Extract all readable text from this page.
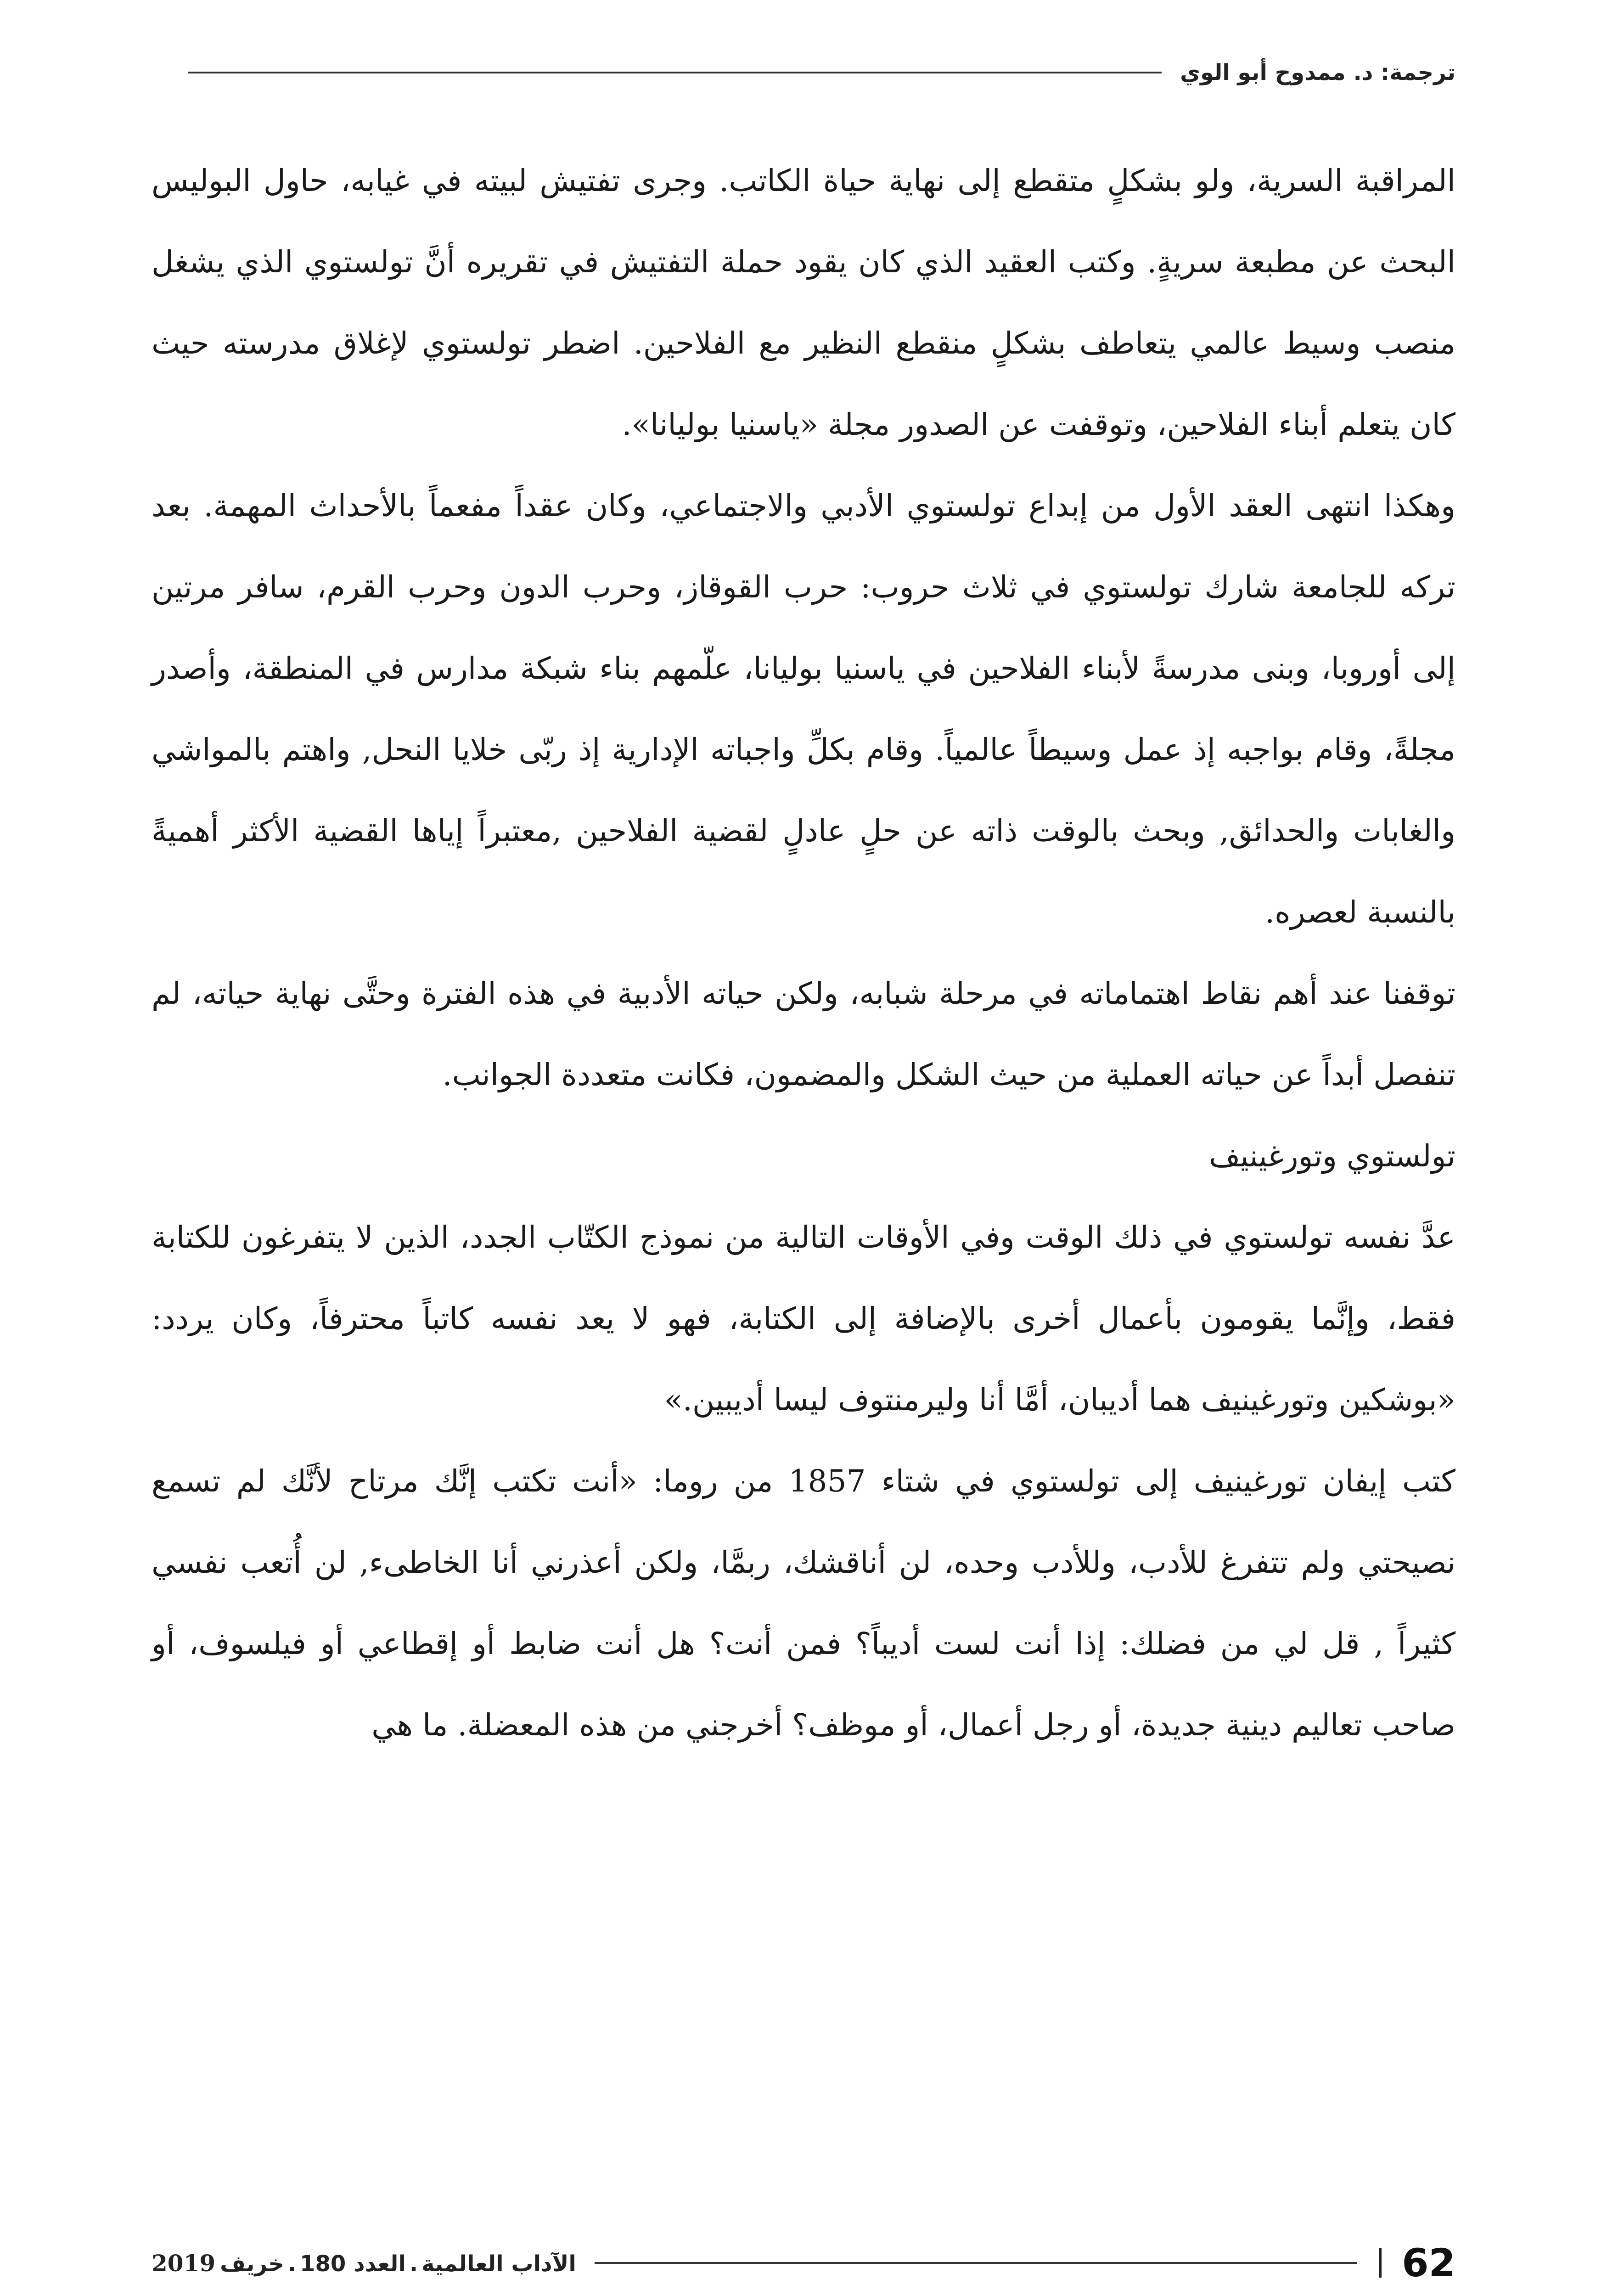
ترجمة: د. ممدوح أبو الوي

المراقبة السرية، ولو بشكلٍ متقطع إلى نهاية حياة الكاتب. وجرى تفتيش لبيته في غيابه، حاول البوليس البحث عن مطبعة سريةٍ. وكتب العقيد الذي كان يقود حملة التفتيش في تقريره أنَّ تولستوي الذي يشغل منصب وسيط عالمي يتعاطف بشكلٍ منقطع النظير مع الفلاحين. اضطر تولستوي لإغلاق مدرسته حيث كان يتعلم أبناء الفلاحين، وتوقفت عن الصدور مجلة «ياسنيا بوليانا».

وهكذا انتهى العقد الأول من إبداع تولستوي الأدبي والاجتماعي، وكان عقداً مفعماً بالأحداث المهمة. بعد تركه للجامعة شارك تولستوي في ثلاث حروب: حرب القوقاز، وحرب الدون وحرب القرم، سافر مرتين إلى أوروبا، وبنى مدرسةً لأبناء الفلاحين في ياسنيا بوليانا، علّمهم بناء شبكة مدارس في المنطقة، وأصدر مجلةً، وقام بواجبه إذ عمل وسيطاً عالمياً. وقام بكلِّ واجباته الإدارية إذ ربّى خلايا النحل, واهتم بالمواشي والغابات والحدائق, وبحث بالوقت ذاته عن حلٍ عادلٍ لقضية الفلاحين ,معتبراً إياها القضية الأكثر أهميةً بالنسبة لعصره.

توقفنا عند أهم نقاط اهتماماته في مرحلة شبابه، ولكن حياته الأدبية في هذه الفترة وحتَّى نهاية حياته، لم تنفصل أبداً عن حياته العملية من حيث الشكل والمضمون، فكانت متعددة الجوانب.

تولستوي وتورغينيف

عدَّ نفسه تولستوي في ذلك الوقت وفي الأوقات التالية من نموذج الكتّاب الجدد، الذين لا يتفرغون للكتابة فقط، وإنَّما يقومون بأعمال أخرى بالإضافة إلى الكتابة، فهو لا يعد نفسه كاتباً محترفاً، وكان يردد: «بوشكين وتورغينيف هما أديبان، أمَّا أنا وليرمنتوف ليسا أديبين.»

كتب إيفان تورغينيف إلى تولستوي في شتاء 1857 من روما: «أنت تكتب إنَّك مرتاح لأنَّك لم تسمع نصيحتي ولم تتفرغ للأدب، وللأدب وحده، لن أناقشك، ربمَّا، ولكن أعذرني أنا الخاطىء, لن أُتعب نفسي كثيراً , قل لي من فضلك: إذا أنت لست أديباً؟ فمن أنت؟ هل أنت ضابط أو إقطاعي أو فيلسوف، أو صاحب تعاليم دينية جديدة، أو رجل أعمال، أو موظف؟ أخرجني من هذه المعضلة. ما هي

62
الآداب العالمية.العدد 180.خريف2019
